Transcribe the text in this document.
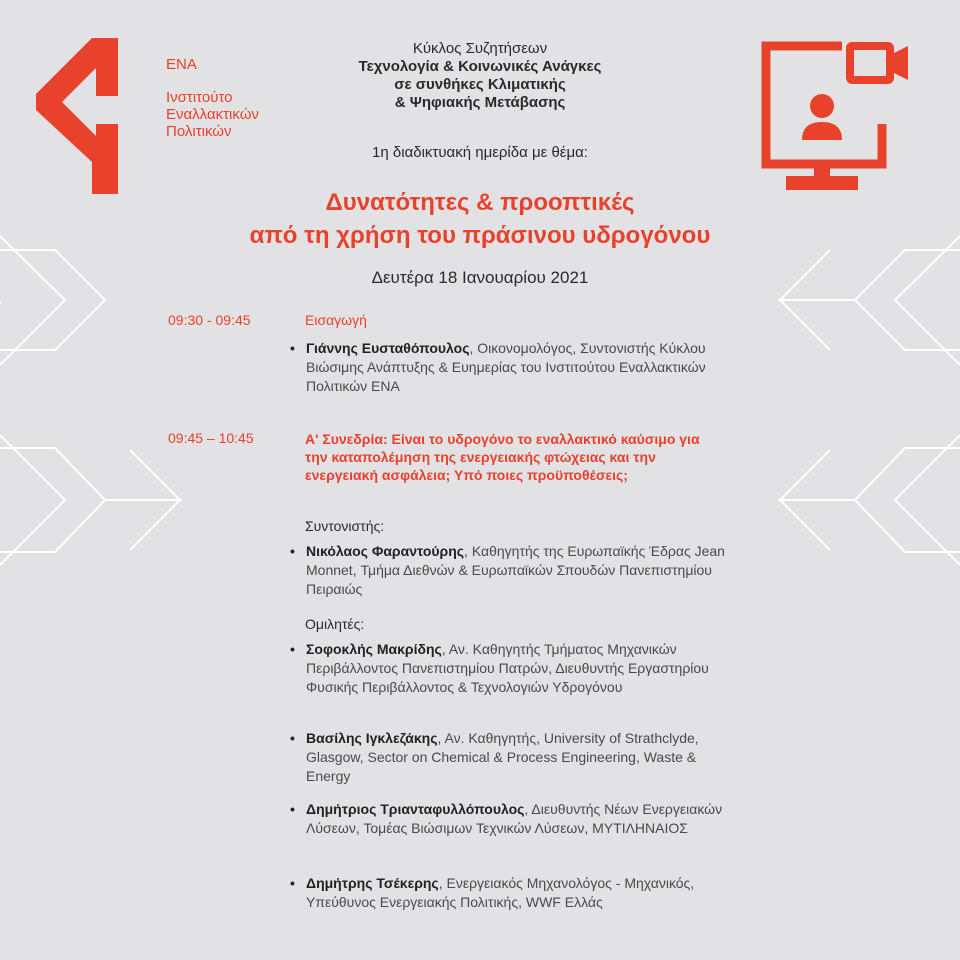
ΕΝΑ
Ινστιτούτο
Εναλλακτικών
Πολιτικών
Κύκλος Συζητήσεων
Τεχνολογία & Κοινωνικές Ανάγκες
σε συνθήκες Κλιματικής
& Ψηφιακής Μετάβασης
1η διαδικτυακή ημερίδα με θέμα:
Δυνατότητες & προοπτικές
από τη χρήση του πράσινου υδρογόνου
Δευτέρα 18 Ιανουαρίου 2021
09:30 - 09:45	Εισαγωγή
• Γιάννης Ευσταθόπουλος, Οικονομολόγος, Συντονιστής Κύκλου Βιώσιμης Ανάπτυξης & Ευημερίας του Ινστιτούτου Εναλλακτικών Πολιτικών ΕΝΑ
09:45 – 10:45	Α' Συνεδρία: Είναι το υδρογόνο το εναλλακτικό καύσιμο για την καταπολέμηση της ενεργειακής φτώχειας και την ενεργειακή ασφάλεια; Υπό ποιες προϋποθέσεις;
Συντονιστής:
• Νικόλαος Φαραντούρης, Καθηγητής της Ευρωπαϊκής Έδρας Jean Monnet, Τμήμα Διεθνών & Ευρωπαϊκών Σπουδών Πανεπιστημίου Πειραιώς
Ομιλητές:
• Σοφοκλής Μακρίδης, Αν. Καθηγητής Τμήματος Μηχανικών Περιβάλλοντος Πανεπιστημίου Πατρών, Διευθυντής Εργαστηρίου Φυσικής Περιβάλλοντος & Τεχνολογιών Υδρογόνου
• Βασίλης Ιγκλεζάκης, Αν. Καθηγητής, University of Strathclyde, Glasgow, Sector on Chemical & Process Engineering, Waste & Energy
• Δημήτριος Τριανταφυλλόπουλος, Διευθυντής Νέων Ενεργειακών Λύσεων, Τομέας Βιώσιμων Τεχνικών Λύσεων, ΜΥΤΙΛΗΝΑΙΟΣ
• Δημήτρης Τσέκερης, Ενεργειακός Μηχανολόγος - Μηχανικός, Υπεύθυνος Ενεργειακής Πολιτικής, WWF Ελλάς
